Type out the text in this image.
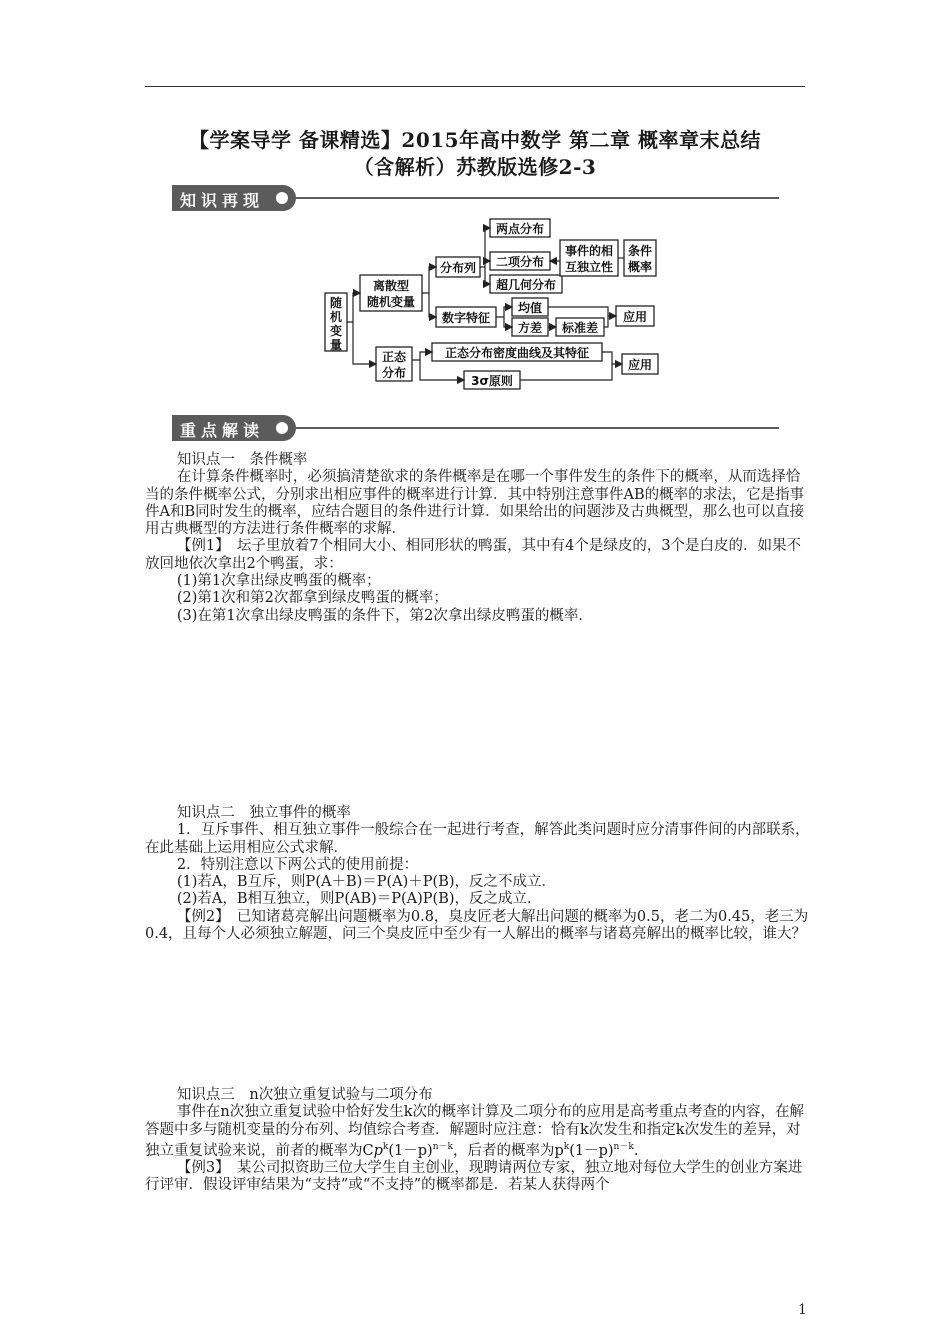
【学案导学 备课精选】2015年高中数学 第二章 概率章末总结
（含解析）苏教版选修2-3
知识再现
随
机
变
量
离散型
随机变量
分布列
两点分布
二项分布
超几何分布
事件的相
互独立性
条件
概率
数字特征
均值
方差 标准差
应用
正态
分布
正态分布密度曲线及其特征
3σ原则
应用
重点解读

知识点一　条件概率

在计算条件概率时，必须搞清楚欲求的条件概率是在哪一个事件发生的条件下的概率，从而选择恰当的条件概率公式，分别求出相应事件的概率进行计算．其中特别注意事件AB的概率的求法，它是指事件A和B同时发生的概率，应结合题目的条件进行计算．如果给出的问题涉及古典概型，那么也可以直接用古典概型的方法进行条件概率的求解．

【例1】　坛子里放着7个相同大小、相同形状的鸭蛋，其中有4个是绿皮的，3个是白皮的．如果不放回地依次拿出2个鸭蛋，求：

(1)第1次拿出绿皮鸭蛋的概率；

(2)第1次和第2次都拿到绿皮鸭蛋的概率；

(3)在第1次拿出绿皮鸭蛋的条件下，第2次拿出绿皮鸭蛋的概率．

知识点二　独立事件的概率

1．互斥事件、相互独立事件一般综合在一起进行考查，解答此类问题时应分清事件间的内部联系，在此基础上运用相应公式求解．

2．特别注意以下两公式的使用前提：

(1)若A，B互斥，则P(A＋B)＝P(A)＋P(B)，反之不成立．

(2)若A，B相互独立，则P(AB)＝P(A)P(B)，反之成立．

【例2】　已知诸葛亮解出问题概率为0.8，臭皮匠老大解出问题的概率为0.5，老二为0.45，老三为0.4，且每个人必须独立解题，问三个臭皮匠中至少有一人解出的概率与诸葛亮解出的概率比较，谁大？

知识点三　n次独立重复试验与二项分布

事件在n次独立重复试验中恰好发生k次的概率计算及二项分布的应用是高考重点考查的内容，在解答题中多与随机变量的分布列、均值综合考查．解题时应注意：恰有k次发生和指定k次发生的差异，对独立重复试验来说，前者的概率为$Cp^k(1-p)^{n-k}$，后者的概率为$p^k(1-p)^{n-k}$.

【例3】　某公司拟资助三位大学生自主创业，现聘请两位专家，独立地对每位大学生的创业方案进行评审．假设评审结果为“支持”或“不支持”的概率都是．若某人获得两个

1
